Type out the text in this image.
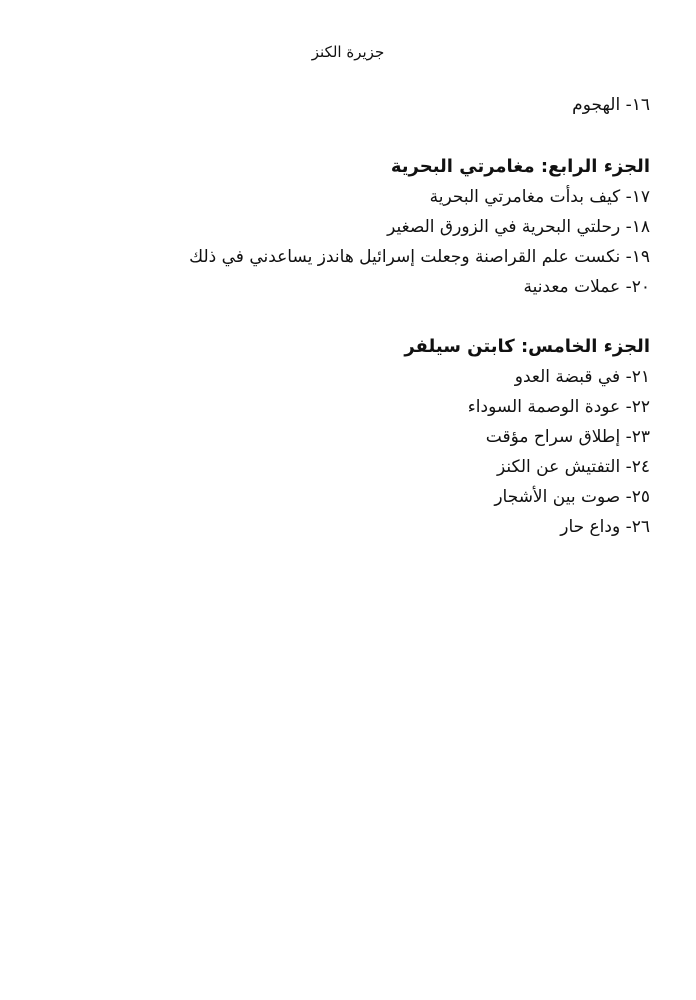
جزيرة الكنز
١٦- الهجوم
الجزء الرابع: مغامرتي البحرية
١٧- كيف بدأت مغامرتي البحرية
١٨- رحلتي البحرية في الزورق الصغير
١٩- نكست علم القراصنة وجعلت إسرائيل هاندز يساعدني في ذلك
٢٠- عملات معدنية
الجزء الخامس: كابتن سيلفر
٢١- في قبضة العدو
٢٢- عودة الوصمة السوداء
٢٣- إطلاق سراح مؤقت
٢٤- التفتيش عن الكنز
٢٥- صوت بين الأشجار
٢٦- وداع حار
